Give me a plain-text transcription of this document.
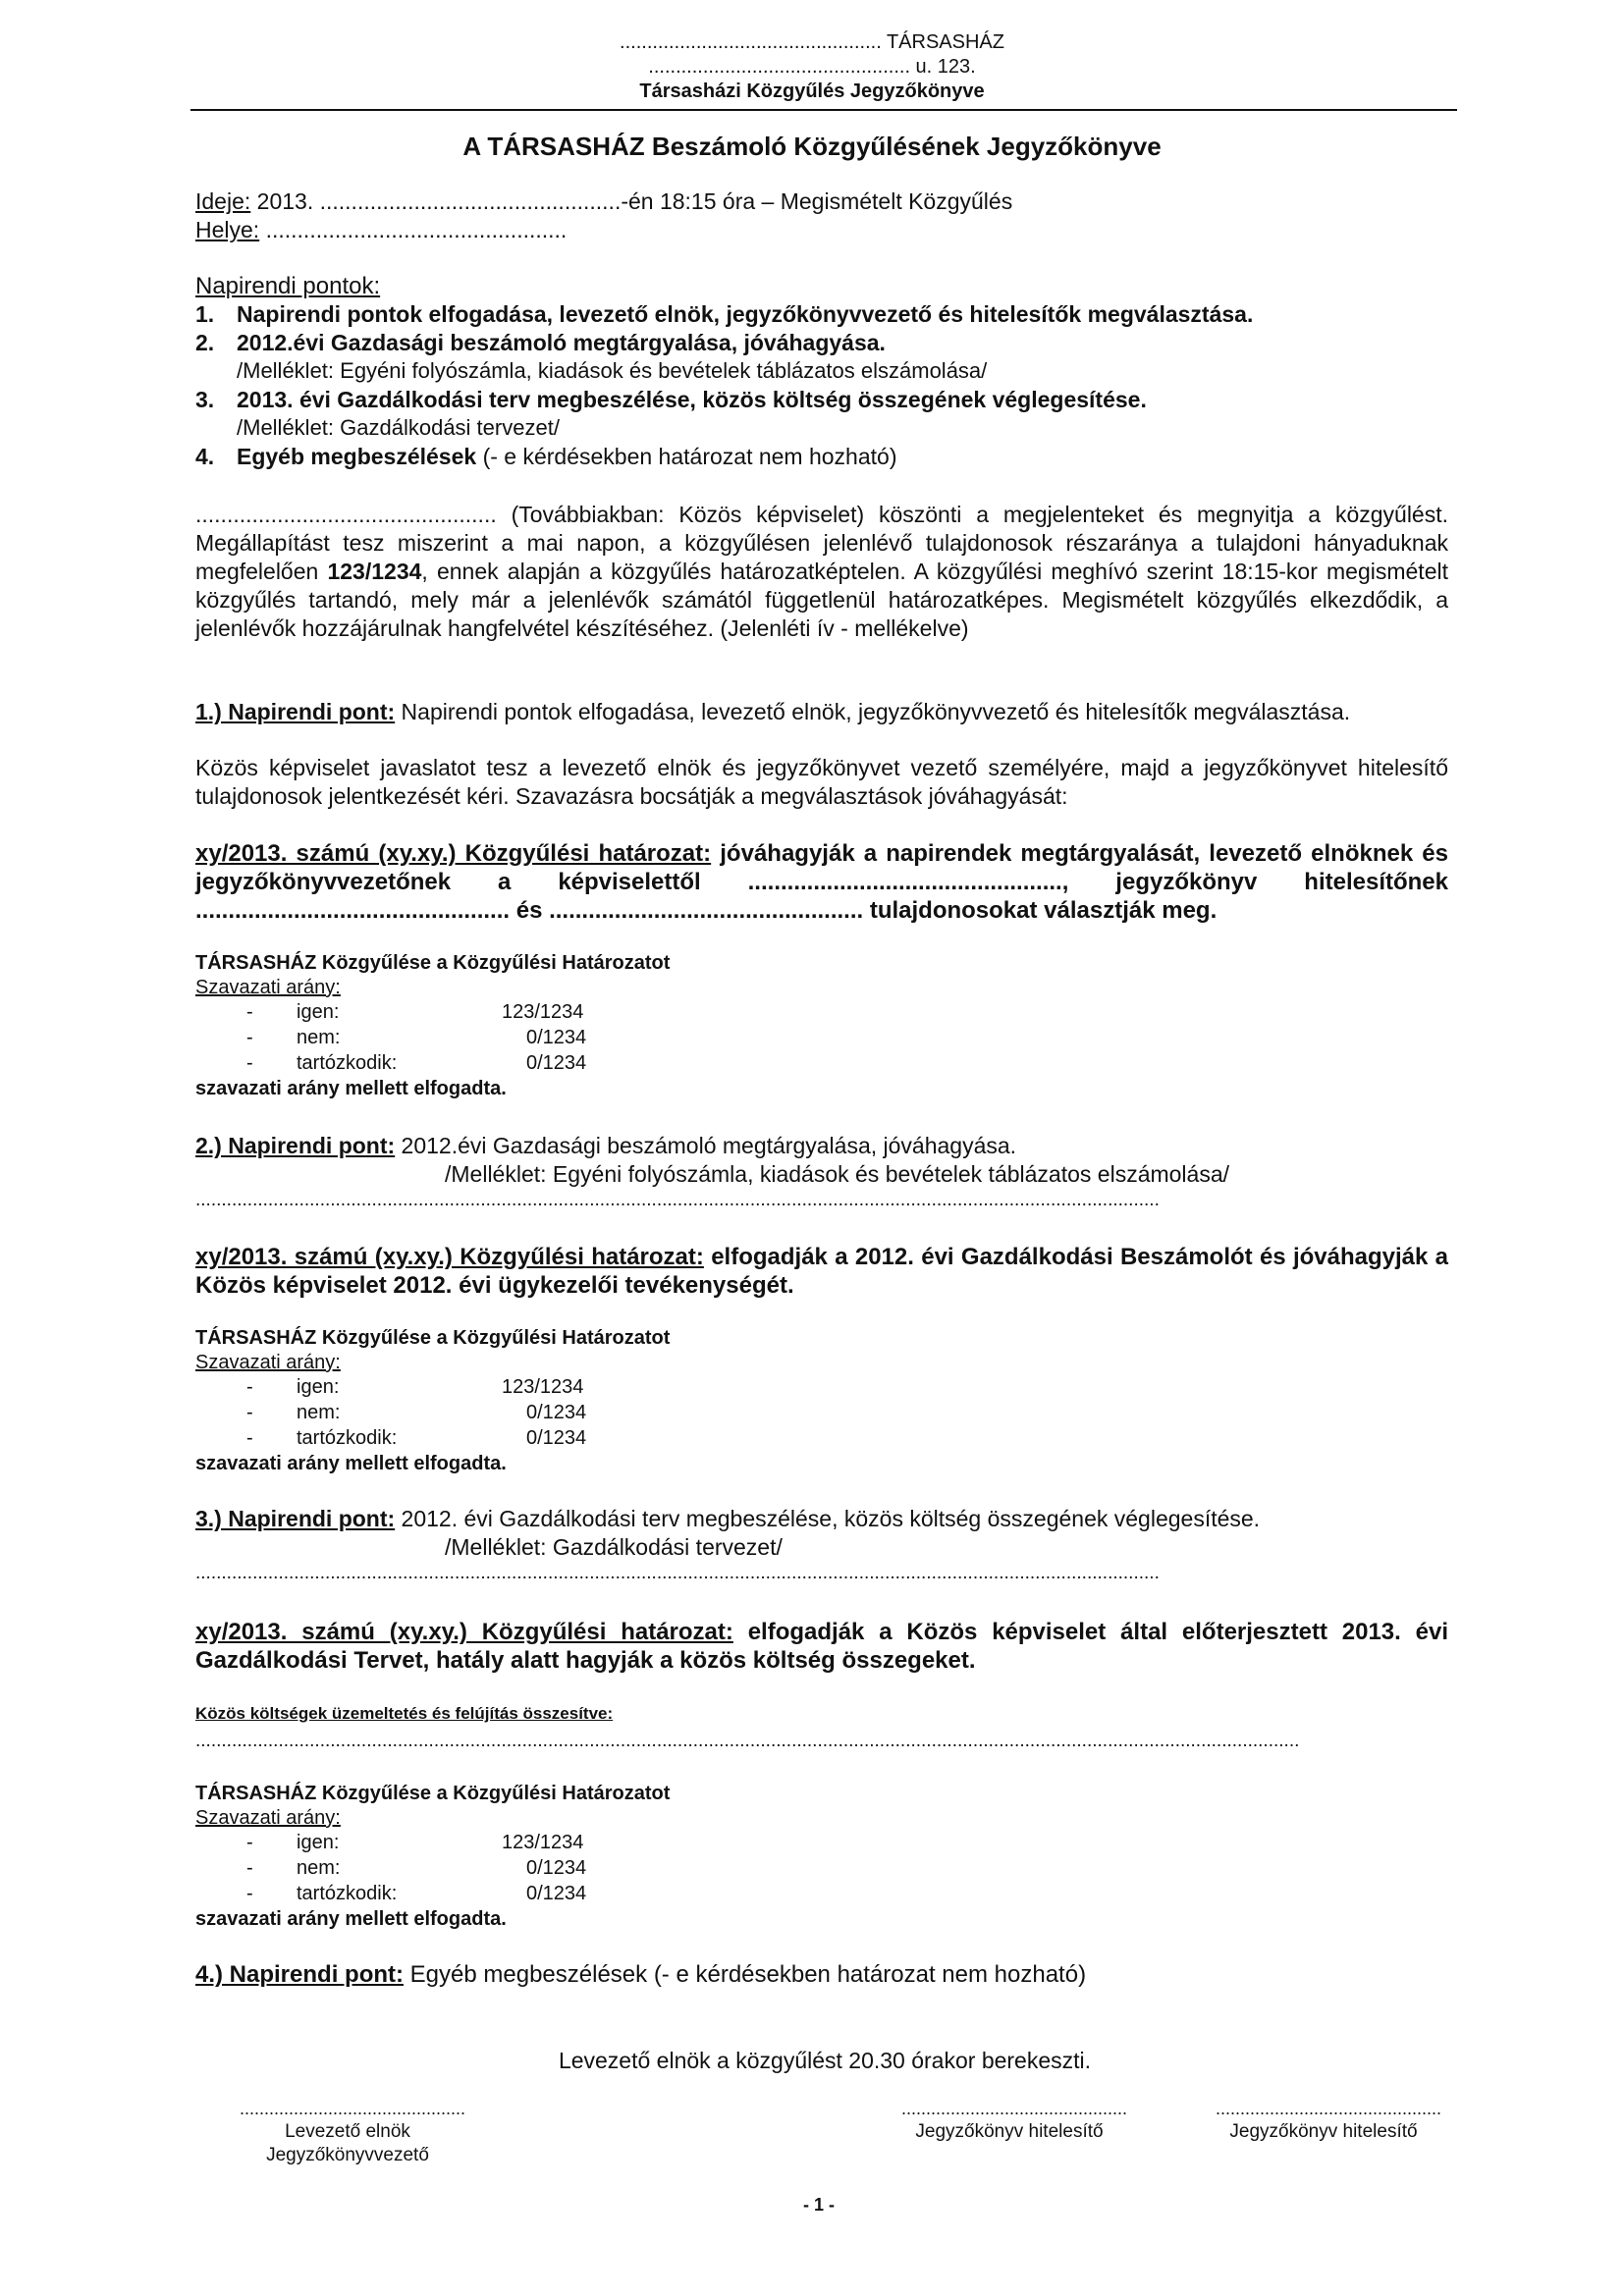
................................................ TÁRSASHÁZ
................................................ u. 123.
Társasházi Közgyűlés Jegyzőkönyve
A TÁRSASHÁZ Beszámoló Közgyűlésének Jegyzőkönyve
Ideje: 2013. ................................................-én 18:15 óra – Megismételt Közgyűlés
Helye: ................................................
Napirendi pontok:
1. Napirendi pontok elfogadása, levezető elnök, jegyzőkönyvvezető és hitelesítők megválasztása.
2. 2012.évi Gazdasági beszámoló megtárgyalása, jóváhagyása.
/Melléklet: Egyéni folyószámla, kiadások és bevételek táblázatos elszámolása/
3. 2013. évi Gazdálkodási terv megbeszélése, közös költség összegének véglegesítése.
/Melléklet: Gazdálkodási tervezet/
4. Egyéb megbeszélések (- e kérdésekben határozat nem hozható)
................................................ (Továbbiakban: Közös képviselet) köszönti a megjelenteket és megnyitja a közgyűlést. Megállapítást tesz miszerint a mai napon, a közgyűlésen jelenlévő tulajdonosok részaránya a tulajdoni hányaduknak megfelelően 123/1234, ennek alapján a közgyűlés határozatképtelen. A közgyűlési meghívó szerint 18:15-kor megismételt közgyűlés tartandó, mely már a jelenlévők számától függetlenül határozatképes. Megismételt közgyűlés elkezdődik, a jelenlévők hozzájárulnak hangfelvétel készítéséhez. (Jelenléti ív - mellékelve)
1.) Napirendi pont: Napirendi pontok elfogadása, levezető elnök, jegyzőkönyvvezető és hitelesítők megválasztása.
Közös képviselet javaslatot tesz a levezető elnök és jegyzőkönyvet vezető személyére, majd a jegyzőkönyvet hitelesítő tulajdonosok jelentkezését kéri. Szavazásra bocsátják a megválasztások jóváhagyását:
xy/2013. számú (xy.xy.) Közgyűlési határozat: jóváhagyják a napirendek megtárgyalását, levezető elnöknek és jegyzőkönyvvezetőnek a képviselettől ................................................, jegyzőkönyv hitelesítőnek ................................................ és ................................................ tulajdonosokat választják meg.
TÁRSASHÁZ Közgyűlése a Közgyűlési Határozatot
Szavazati arány:
- igen:	123/1234
- nem:	0/1234
- tartózkodik:	0/1234
szavazati arány mellett elfogadta.
2.) Napirendi pont: 2012.évi Gazdasági beszámoló megtárgyalása, jóváhagyása.
/Melléklet: Egyéni folyószámla, kiadások és bevételek táblázatos elszámolása/
..........................................................................................................................................................................................
xy/2013. számú (xy.xy.) Közgyűlési határozat: elfogadják a 2012. évi Gazdálkodási Beszámolót és jóváhagyják a Közös képviselet 2012. évi ügykezelői tevékenységét.
TÁRSASHÁZ Közgyűlése a Közgyűlési Határozatot
Szavazati arány:
- igen:	123/1234
- nem:	0/1234
- tartózkodik:	0/1234
szavazati arány mellett elfogadta.
3.) Napirendi pont: 2012. évi Gazdálkodási terv megbeszélése, közös költség összegének véglegesítése.
/Melléklet: Gazdálkodási tervezet/
..........................................................................................................................................................................................
xy/2013. számú (xy.xy.) Közgyűlési határozat: elfogadják a Közös képviselet által előterjesztett 2013. évi Gazdálkodási Tervet, hatály alatt hagyják a közös költség összegeket.
Közös költségek üzemeltetés és felújítás összesítve:
.....................................................................................................................................................................................................................
TÁRSASHÁZ Közgyűlése a Közgyűlési Határozatot
Szavazati arány:
- igen:	123/1234
- nem:	0/1234
- tartózkodik:	0/1234
szavazati arány mellett elfogadta.
4.) Napirendi pont: Egyéb megbeszélések (- e kérdésekben határozat nem hozható)
Levezető elnök a közgyűlést 20.30 órakor berekeszti.
..............................................
Levezető elnök
Jegyzőkönyvvezető
..............................................
Jegyzőkönyv hitelesítő
..............................................
Jegyzőkönyv hitelesítő
- 1 -
